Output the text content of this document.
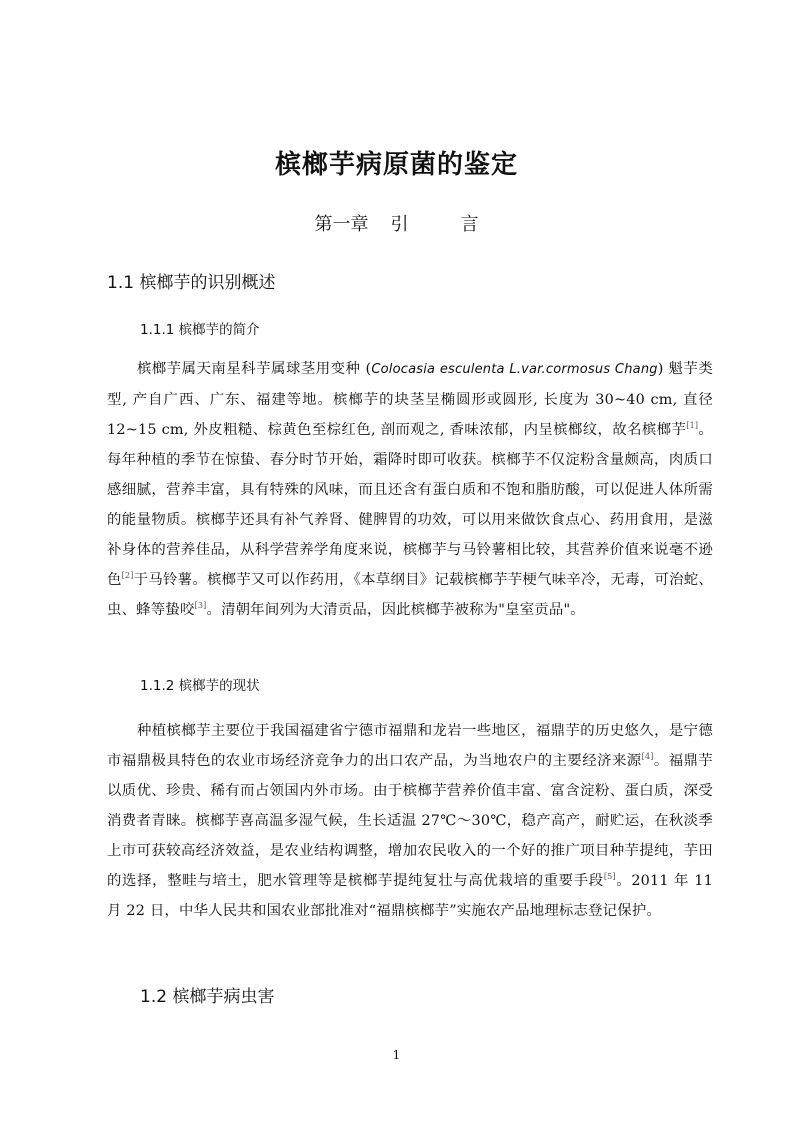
槟榔芋病原菌的鉴定
第一章 引	言
1.1 槟榔芋的识别概述
1.1.1 槟榔芋的简介
槟榔芋属天南星科芋属球茎用变种 (Colocasia esculenta L.var.cormosus Chang) 魁芋类型, 产自广西、广东、福建等地。槟榔芋的块茎呈椭圆形或圆形, 长度为 30~40 cm, 直径 12~15 cm, 外皮粗糙、棕黄色至棕红色, 剖而观之, 香味浓郁，内呈槟榔纹，故名槟榔芋[1]。每年种植的季节在惊蛰、春分时节开始，霜降时即可收获。槟榔芋不仅淀粉含量颇高，肉质口感细腻，营养丰富，具有特殊的风味，而且还含有蛋白质和不饱和脂肪酸，可以促进人体所需的能量物质。槟榔芋还具有补气养肾、健脾胃的功效，可以用来做饮食点心、药用食用，是滋补身体的营养佳品，从科学营养学角度来说，槟榔芋与马铃薯相比较，其营养价值来说毫不逊色[2]于马铃薯。槟榔芋又可以作药用，《本草纲目》记载槟榔芋芋梗气味辛冷，无毒，可治蛇、虫、蜂等蛰咬[3]。清朝年间列为大清贡品，因此槟榔芋被称为"皇室贡品"。
1.1.2 槟榔芋的现状
种植槟榔芋主要位于我国福建省宁德市福鼎和龙岩一些地区，福鼎芋的历史悠久，是宁德市福鼎极具特色的农业市场经济竞争力的出口农产品，为当地农户的主要经济来源[4]。福鼎芋以质优、珍贵、稀有而占领国内外市场。由于槟榔芋营养价值丰富、富含淀粉、蛋白质，深受消费者青睐。槟榔芋喜高温多湿气候，生长适温 27℃～30℃，稳产高产，耐贮运，在秋淡季上市可获较高经济效益，是农业结构调整，增加农民收入的一个好的推广项目种芋提纯，芋田的选择，整畦与培土，肥水管理等是槟榔芋提纯复壮与高优栽培的重要手段[5]。2011 年 11 月 22 日，中华人民共和国农业部批准对“福鼎槟榔芋”实施农产品地理标志登记保护。
1.2 槟榔芋病虫害
1
